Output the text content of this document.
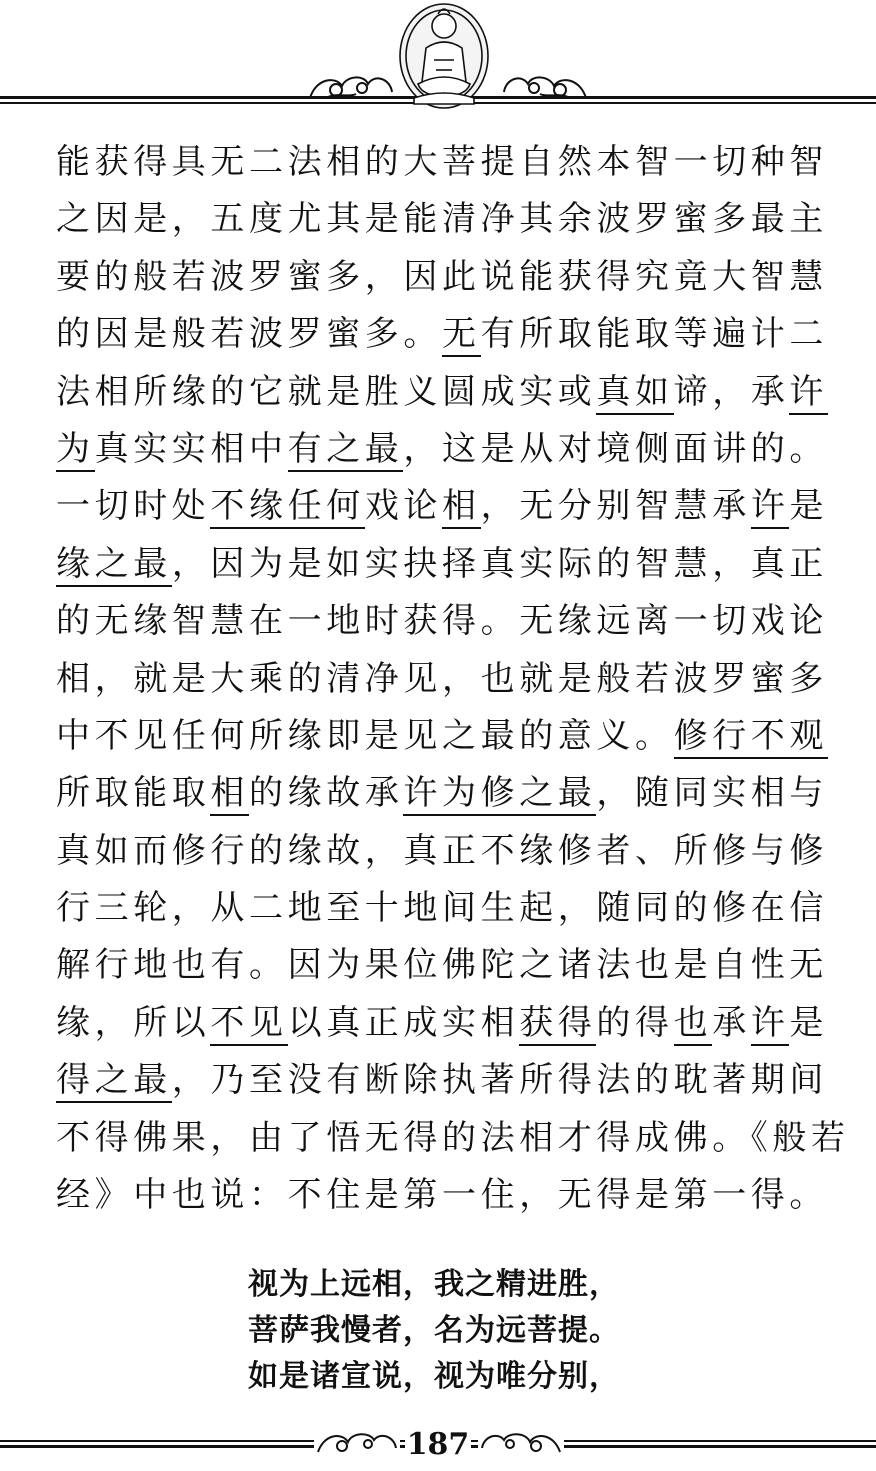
能获得具无二法相的大菩提自然本智一切种智
之因是，五度尤其是能清净其余波罗蜜多最主
要的般若波罗蜜多，因此说能获得究竟大智慧
的因是般若波罗蜜多。无有所取能取等遍计二
法相所缘的它就是胜义圆成实或真如谛，承许
为真实实相中有之最，这是从对境侧面讲的。
一切时处不缘任何戏论相，无分别智慧承许是
缘之最，因为是如实抉择真实际的智慧，真正
的无缘智慧在一地时获得。无缘远离一切戏论
相，就是大乘的清净见，也就是般若波罗蜜多
中不见任何所缘即是见之最的意义。修行不观
所取能取相的缘故承许为修之最，随同实相与
真如而修行的缘故，真正不缘修者、所修与修
行三轮，从二地至十地间生起，随同的修在信
解行地也有。因为果位佛陀之诸法也是自性无
缘，所以不见以真正成实相获得的得也承许是
得之最，乃至没有断除执著所得法的耽著期间
不得佛果，由了悟无得的法相才得成佛。《般若
经》中也说：不住是第一住，无得是第一得。
视为上远相，我之精进胜，
菩萨我慢者，名为远菩提。
如是诸宣说，视为唯分别，
187
